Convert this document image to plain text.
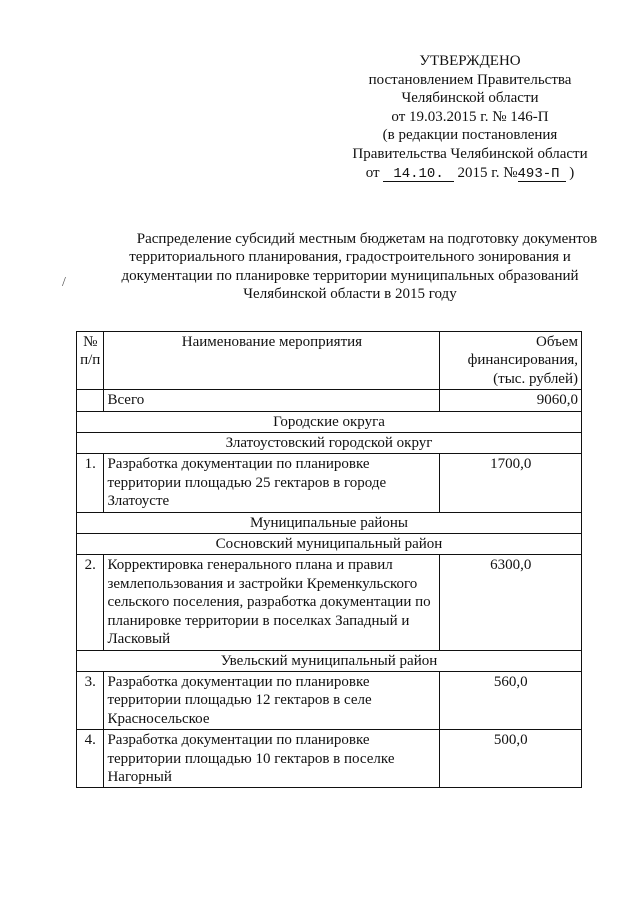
УТВЕРЖДЕНО
постановлением Правительства
Челябинской области
от 19.03.2015 г. № 146-П
(в редакции постановления
Правительства Челябинской области
от 14.10. 2015 г. №493-П )
Распределение субсидий местным бюджетам на подготовку документов
территориального планирования, градостроительного зонирования и
документации по планировке территории муниципальных образований
Челябинской области в 2015 году
/
№ п/п	Наименование мероприятия	Объем финансирования, (тыс. рублей)
	Всего	9060,0
Городские округа		
Златоустовский городской округ		
1.	Разработка документации по планировке территории площадью 25 гектаров в городе Златоусте	1700,0
Муниципальные районы		
Сосновский муниципальный район		
2.	Корректировка генерального плана и правил землепользования и застройки Кременкульского сельского поселения, разработка документации по планировке территории в поселках Западный и Ласковый	6300,0
Увельский муниципальный район		
3.	Разработка документации по планировке территории площадью 12 гектаров в селе Красносельское	560,0
4.	Разработка документации по планировке территории площадью 10 гектаров в поселке Нагорный	500,0
